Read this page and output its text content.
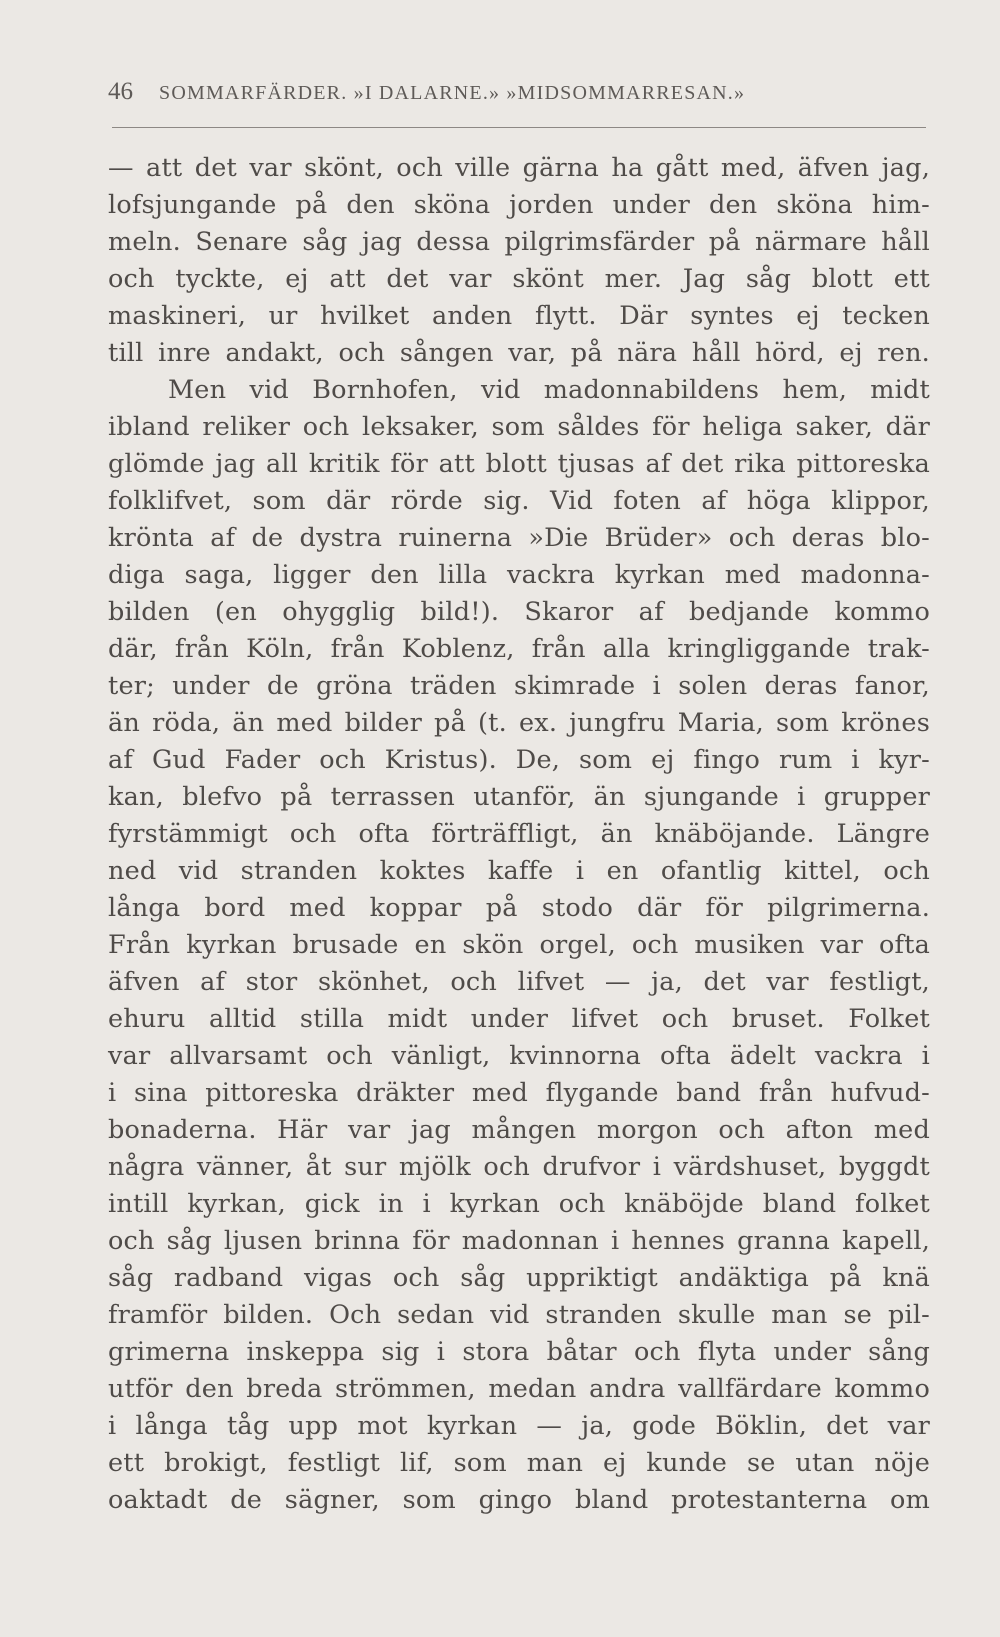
46 SOMMARFÄRDER. »I DALARNE.» »MIDSOMMARRESAN.»
— att det var skönt, och ville gärna ha gått med, äfven jag,
lofsjungande på den sköna jorden under den sköna him-
meln. Senare såg jag dessa pilgrimsfärder på närmare håll
och tyckte, ej att det var skönt mer. Jag såg blott ett
maskineri, ur hvilket anden flytt. Där syntes ej tecken
till inre andakt, och sången var, på nära håll hörd, ej ren.
Men vid Bornhofen, vid madonnabildens hem, midt
ibland reliker och leksaker, som såldes för heliga saker, där
glömde jag all kritik för att blott tjusas af det rika pittoreska
folklifvet, som där rörde sig. Vid foten af höga klippor,
krönta af de dystra ruinerna »Die Brüder» och deras blo-
diga saga, ligger den lilla vackra kyrkan med madonna-
bilden (en ohygglig bild!). Skaror af bedjande kommo
där, från Köln, från Koblenz, från alla kringliggande trak-
ter; under de gröna träden skimrade i solen deras fanor,
än röda, än med bilder på (t. ex. jungfru Maria, som krönes
af Gud Fader och Kristus). De, som ej fingo rum i kyr-
kan, blefvo på terrassen utanför, än sjungande i grupper
fyrstämmigt och ofta förträffligt, än knäböjande. Längre
ned vid stranden koktes kaffe i en ofantlig kittel, och
långa bord med koppar på stodo där för pilgrimerna.
Från kyrkan brusade en skön orgel, och musiken var ofta
äfven af stor skönhet, och lifvet — ja, det var festligt,
ehuru alltid stilla midt under lifvet och bruset. Folket
var allvarsamt och vänligt, kvinnorna ofta ädelt vackra i
i sina pittoreska dräkter med flygande band från hufvud-
bonaderna. Här var jag mången morgon och afton med
några vänner, åt sur mjölk och drufvor i värdshuset, byggdt
intill kyrkan, gick in i kyrkan och knäböjde bland folket
och såg ljusen brinna för madonnan i hennes granna kapell,
såg radband vigas och såg uppriktigt andäktiga på knä
framför bilden. Och sedan vid stranden skulle man se pil-
grimerna inskeppa sig i stora båtar och flyta under sång
utför den breda strömmen, medan andra vallfärdare kommo
i långa tåg upp mot kyrkan — ja, gode Böklin, det var
ett brokigt, festligt lif, som man ej kunde se utan nöje
oaktadt de sägner, som gingo bland protestanterna om
